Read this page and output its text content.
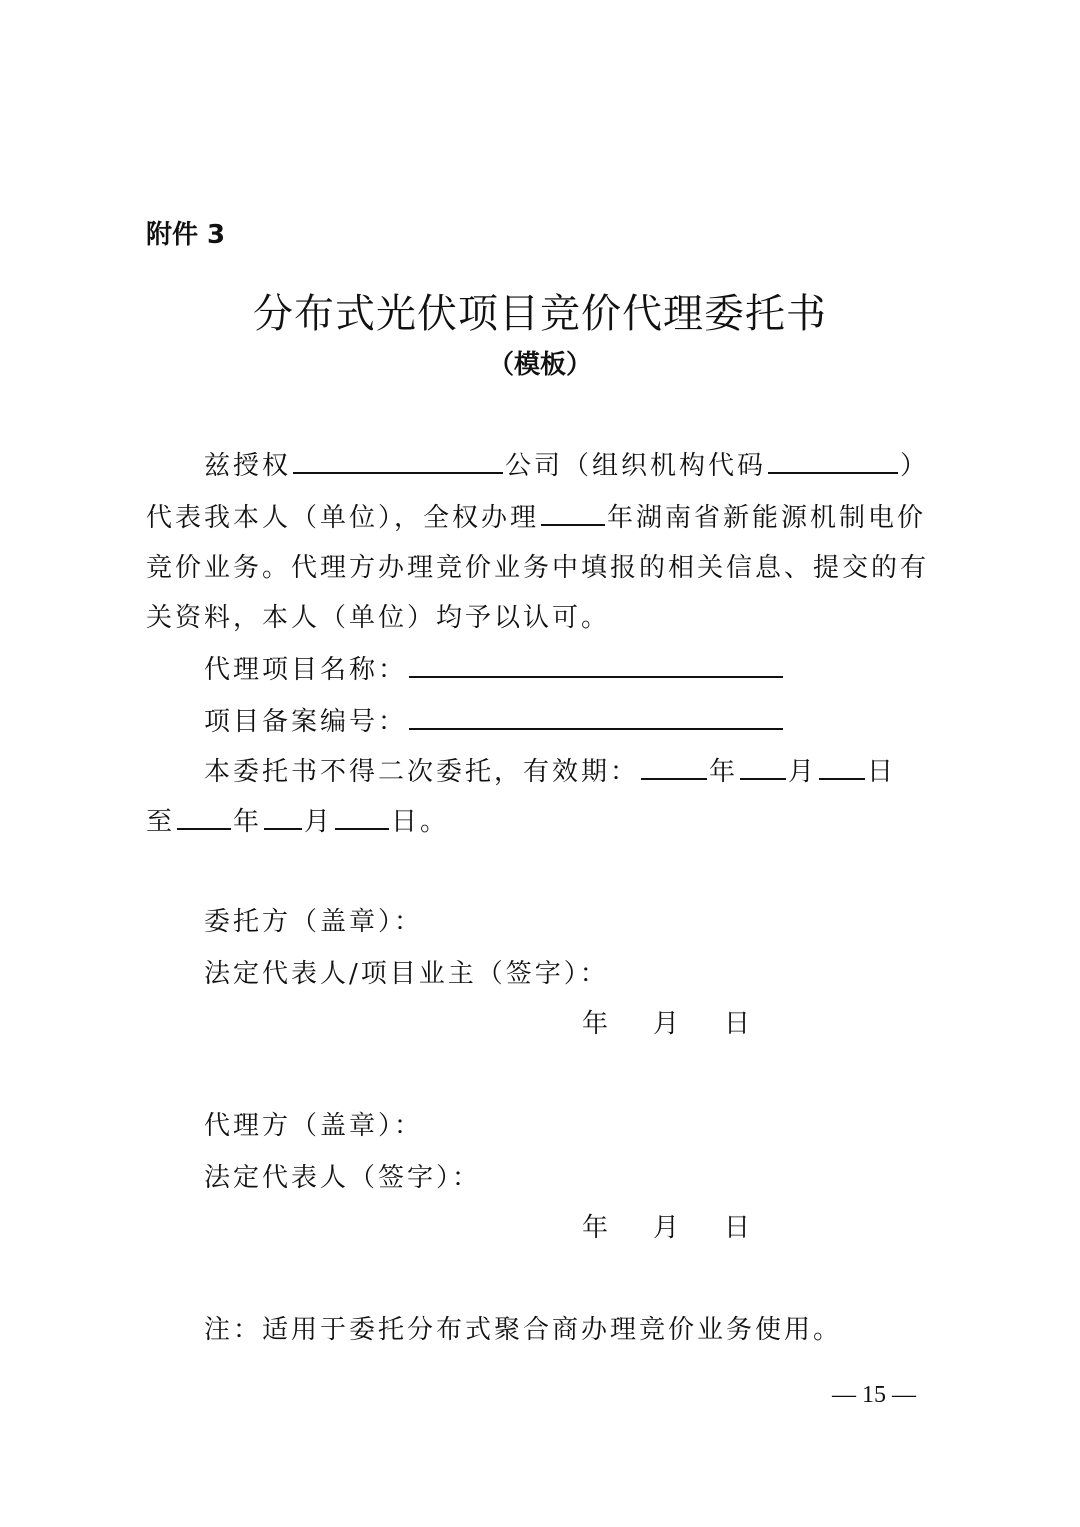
附件 3
分布式光伏项目竞价代理委托书
（模板）
兹授权	公司（组织机构代码	）
代表我本人（单位），全权办理	年湖南省新能源机制电价
竞价业务。代理方办理竞价业务中填报的相关信息、提交的有
关资料，本人（单位）均予以认可。
代理项目名称：
项目备案编号：
本委托书不得二次委托，有效期：	年 月 日
至 年 月 日。
委托方（盖章）：
法定代表人/项目业主（签字）：
年 月 日
代理方（盖章）：
法定代表人（签字）：
年 月 日
注：适用于委托分布式聚合商办理竞价业务使用。
— 15 —
